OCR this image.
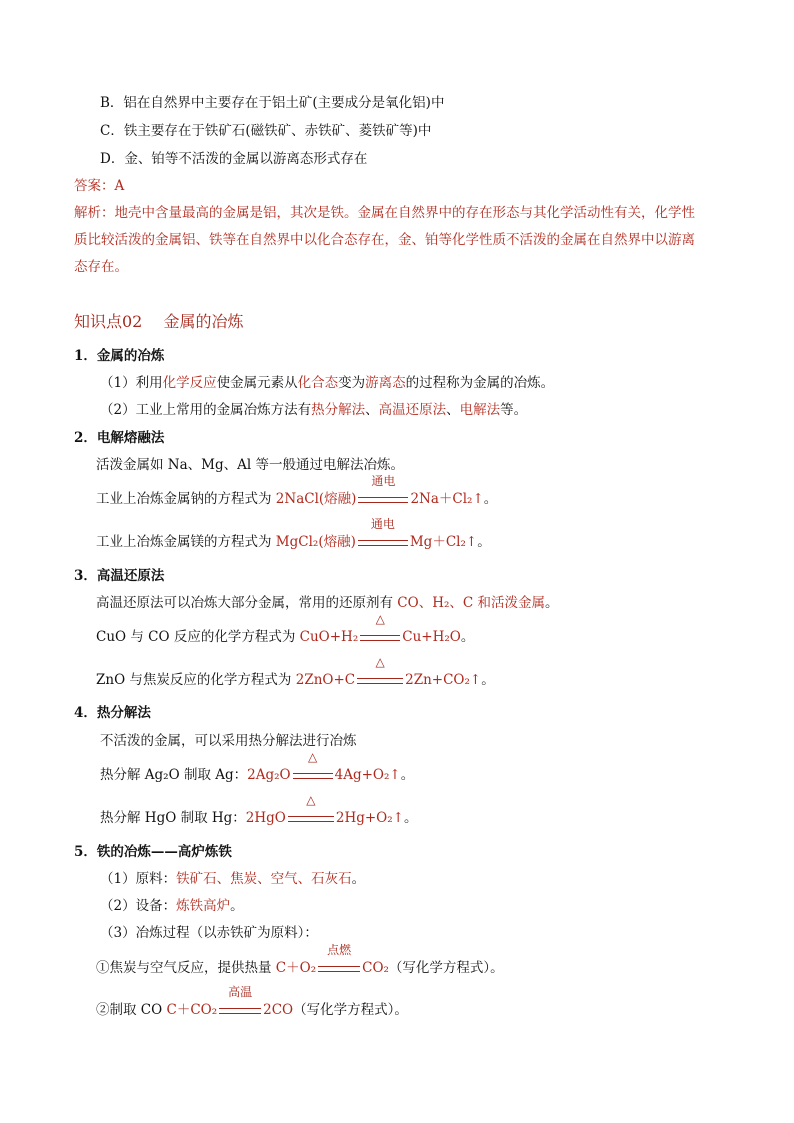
B．铝在自然界中主要存在于铝土矿(主要成分是氧化铝)中
C．铁主要存在于铁矿石(磁铁矿、赤铁矿、菱铁矿等)中
D．金、铂等不活泼的金属以游离态形式存在
答案：A
解析：地壳中含量最高的金属是铝，其次是铁。金属在自然界中的存在形态与其化学活动性有关，化学性
质比较活泼的金属铝、铁等在自然界中以化合态存在，金、铂等化学性质不活泼的金属在自然界中以游离
态存在。
知识点02　 金属的冶炼
1．金属的冶炼
（1）利用化学反应使金属元素从化合态变为游离态的过程称为金属的冶炼。
（2）工业上常用的金属冶炼方法有热分解法、高温还原法、电解法等。
2．电解熔融法
活泼金属如 Na、Mg、Al 等一般通过电解法冶炼。
工业上冶炼金属钠的方程式为 2NaCl(熔融)
通电
2Na＋Cl₂↑。
工业上冶炼金属镁的方程式为 MgCl₂(熔融)
通电
Mg＋Cl₂↑。
3．高温还原法
高温还原法可以冶炼大部分金属，常用的还原剂有 CO、H₂、C 和活泼金属。
CuO 与 CO 反应的化学方程式为 CuO+H₂
△
Cu+H₂O。
ZnO 与焦炭反应的化学方程式为 2ZnO+C
△
2Zn+CO₂↑。
4．热分解法
不活泼的金属，可以采用热分解法进行冶炼
热分解 Ag₂O 制取 Ag：2Ag₂O
△
4Ag+O₂↑。
热分解 HgO 制取 Hg：2HgO
△
2Hg+O₂↑。
5．铁的冶炼——高炉炼铁
（1）原料：铁矿石、焦炭、空气、石灰石。
（2）设备：炼铁高炉。
（3）冶炼过程（以赤铁矿为原料）：
①焦炭与空气反应，提供热量 C＋O₂
点燃
CO₂（写化学方程式）。
②制取 CO C＋CO₂
高温
2CO（写化学方程式）。
